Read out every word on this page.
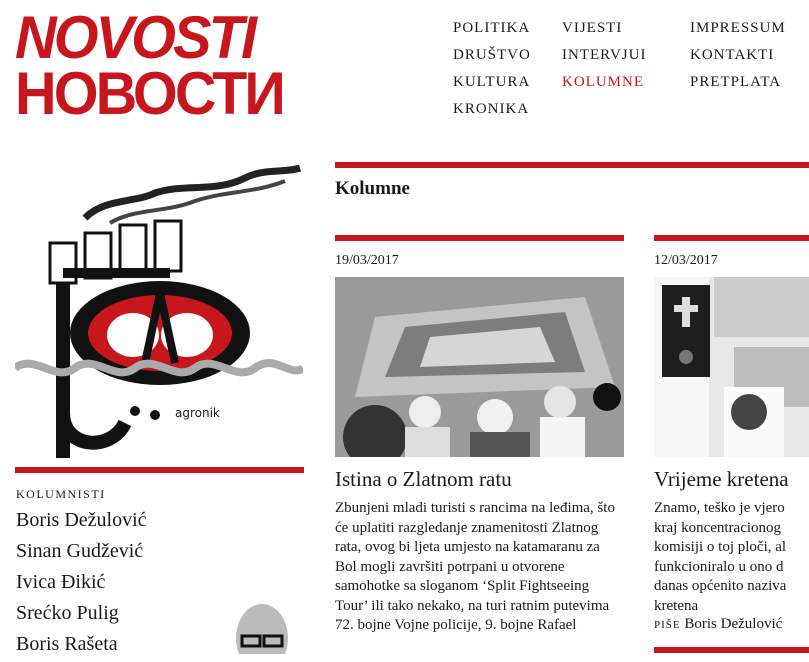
NOVOSTI
НОВОСТИ
POLITIKA
DRUŠTVO
KULTURA
KRONIKA
VIJESTI
INTERVJUI
KOLUMNE
IMPRESSUM
KONTAKTI
PRETPLATA
agronik
KOLUMNISTI
Boris Dežulović
Sinan Gudžević
Ivica Đikić
Srećko Pulig
Boris Rašeta
Kolumne
19/03/2017
Istina o Zlatnom ratu
Zbunjeni mladi turisti s rancima na leđima, što će uplatiti razgledanje znamenitosti Zlatnog rata, ovog bi ljeta umjesto na katamaranu za Bol mogli završiti potrpani u otvorene samohotke sa sloganom ‘Split Fightseeing Tour’ ili tako nekako, na turi ratnim putevima 72. bojne Vojne policije, 9. bojne Rafael
12/03/2017
Vrijeme kretena
Znamo, teško je vjero
kraj koncentracionog
komisiji o toj ploči, al
funkcioniralo u ono d
danas općenito naziva
kretena
PIŠE Boris Dežulović
